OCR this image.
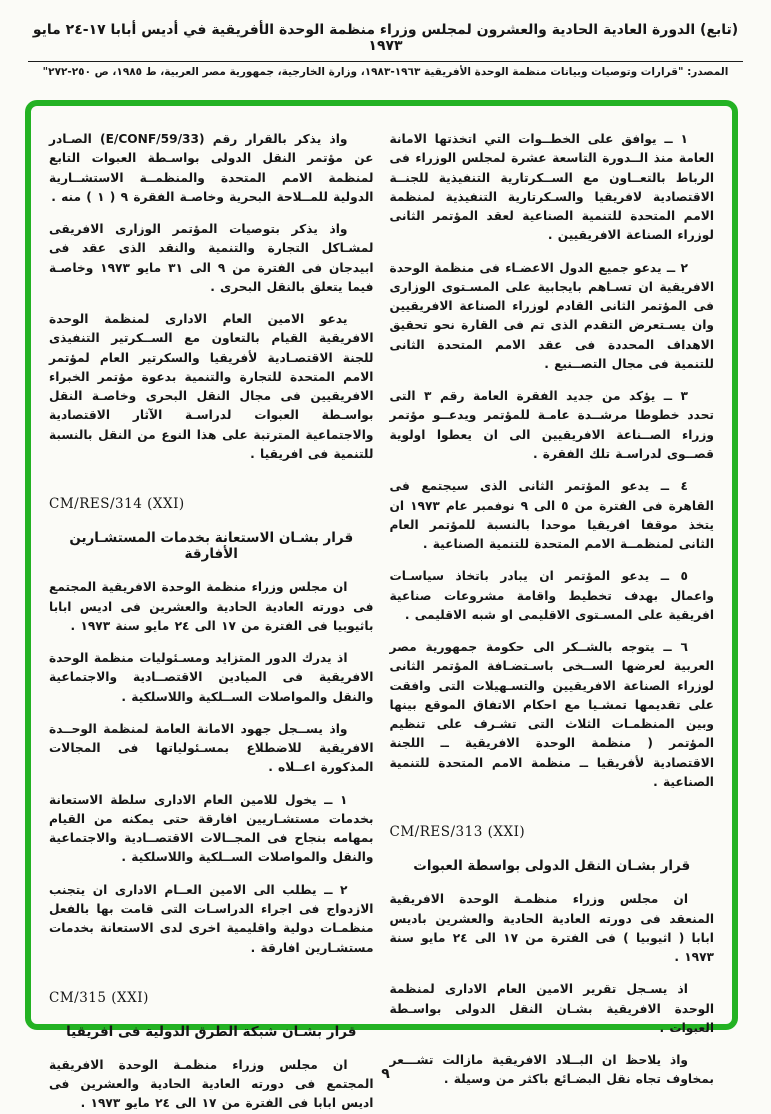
(تابع) الدورة العادية الحادية والعشرون لمجلس وزراء منظمة الوحدة الأفريقية في أديس أبابا ١٧-٢٤ مايو ١٩٧٣
المصدر: "قرارات وتوصيات وبيانات منظمة الوحدة الأفريقية ١٩٦٣-١٩٨٣، وزارة الخارجية، جمهورية مصر العربية، ط ١٩٨٥، ص ٢٥٠-٢٧٢"

١ ــ يوافق على الخطــوات التي اتخذتها الامانة العامة منذ الــدورة التاسعة عشرة لمجلس الوزراء فى الرباط بالتعــاون مع الســكرتارية التنفيذية للجنــة الاقتصادية لافريقيا والسـكرتارية التنفيذية لمنظمة الامم المتحدة للتنمية الصناعية لعقد المؤتمر الثانى لوزراء الصناعة الافريقيين .

٢ ــ يدعو جميع الدول الاعضـاء فى منظمة الوحدة الافريقية ان تسـاهم بايجابية على المسـتوى الوزارى فى المؤتمر الثانى القادم لوزراء الصناعة الافريقيين وان يسـتعرض التقدم الذى تم فى القارة نحو تحقيق الاهداف المحددة فى عقد الامم المتحدة الثانى للتنمية فى مجال التصــنيع .

٣ ــ يؤكد من جديد الفقرة العامة رقم ٣ التى تحدد خطوطا مرشــدة عامـة للمؤتمر ويدعــو مؤتمر وزراء الصــناعة الافريقيين الى ان يعطوا اولوية قصــوى لدراسـة تلك الفقرة .

٤ ــ يدعو المؤتمر الثانى الذى سيجتمع فى القاهرة فى الفترة من ٥ الى ٩ نوفمبر عام ١٩٧٣ ان يتخذ موقفا افريقيا موحدا بالنسبة للمؤتمر العام الثانى لمنظمــة الامم المتحدة للتنمية الصناعية .

٥ ــ يدعو المؤتمر ان يبادر باتخاذ سياسـات واعمال بهدف تخطيط واقامة مشروعات صناعية افريقية على المسـتوى الاقليمى او شبه الاقليمى .

٦ ــ يتوجه بالشــكر الى حكومة جمهورية مصر العربية لعرضها الســخى باسـتضـافة المؤتمر الثانى لوزراء الصناعة الافريقيين والتسـهيلات التى وافقت على تقديمها تمشـيا مع احكام الاتفاق الموقع بينها وبين المنظمـات الثلاث التى تشـرف على تنظيم المؤتمر ( منظمة الوحدة الافريقية ــ اللجنة الاقتصادية لأفريقيا ــ منظمة الامم المتحدة للتنمية الصناعية .

CM/RES/313 (XXI)
قرار بشـان النقل الدولى بواسطة العبوات

ان مجلس وزراء منظمـة الوحدة الافريقية المنعقد فى دورته العادية الحادية والعشرين باديس ابابا ( اثيوبيا ) فى الفترة من ١٧ الى ٢٤ مايو سنة ١٩٧٣ .

اذ يسـجل تقرير الامين العام الادارى لمنظمة الوحدة الافريقية بشـان النقل الدولى بواسـطة العبوات .

واذ يلاحظ ان البــلاد الافريقية مازالت تشـــعر بمخاوف تجاه نقل البضـائع باكثر من وسيلة .

واذ يذكر بالقرار رقم (E/CONF/59/33) الصـادر عن مؤتمر النقل الدولى بواسـطة العبوات التابع لمنظمة الامم المتحدة والمنظمــة الاستشــارية الدولية للمــلاحة البحرية وخاصـة الفقرة ٩ ( ١ ) منه .

واذ يذكر بتوصيات المؤتمر الوزارى الافريقى لمشـاكل التجارة والتنمية والنقد الذى عقد فى ابيدجان فى الفترة من ٩ الى ٣١ مايو ١٩٧٣ وخاصـة فيما يتعلق بالنقل البحرى .

يدعو الامين العام الادارى لمنظمة الوحدة الافريقية القيام بالتعاون مع الســكرتير التنفيذى للجنة الاقتصـادية لأفريقيا والسكرتير العام لمؤتمر الامم المتحدة للتجارة والتنمية بدعوة مؤتمر الخبراء الافريقيين فى مجال النقل البحرى وخاصـة النقل بواسـطة العبوات لدراسـة الآثار الاقتصادية والاجتماعية المترتبة على هذا النوع من النقل بالنسبة للتنمية فى افريقيا .

CM/RES/314 (XXI)
قرار بشـان الاستعانة بخدمات المستشـارين الأفارقة

ان مجلس وزراء منظمة الوحدة الافريقية المجتمع فى دورته العادية الحادية والعشرين فى اديس ابابا باثيوبيا فى الفترة من ١٧ الى ٢٤ مايو سنة ١٩٧٣ .

اذ يدرك الدور المتزايد ومسـئوليات منظمة الوحدة الافريقية فى الميادين الاقتصــادية والاجتماعية والنقل والمواصلات الســلكية واللاسلكية .

واذ يســجل جهود الامانة العامة لمنظمة الوحــدة الافريقية للاضطلاع بمسـئولياتها فى المجالات المذكورة اعــلاه .

١ ــ يخول للامين العام الادارى سلطة الاستعانة بخدمات مستشـاريين افارقة حتى يمكنه من القيام بمهامه بنجاح فى المجــالات الاقتصــادية والاجتماعية والنقل والمواصلات الســلكية واللاسلكية .

٢ ــ يطلب الى الامين العــام الادارى ان يتجنب الازدواج فى اجراء الدراسـات التى قامت بها بالفعل منظمـات دولية واقليمية اخرى لدى الاستعانة بخدمات مستشـارين افارقة .

CM/315 (XXI)
قرار بشـان شبكة الطرق الدولية فى افريقيا

ان مجلس وزراء منظمـة الوحدة الافريقية المجتمع فى دورته العادية الحادية والعشرين فى اديس ابابا فى الفترة من ١٧ الى ٢٤ مايو ١٩٧٣ .

٩
